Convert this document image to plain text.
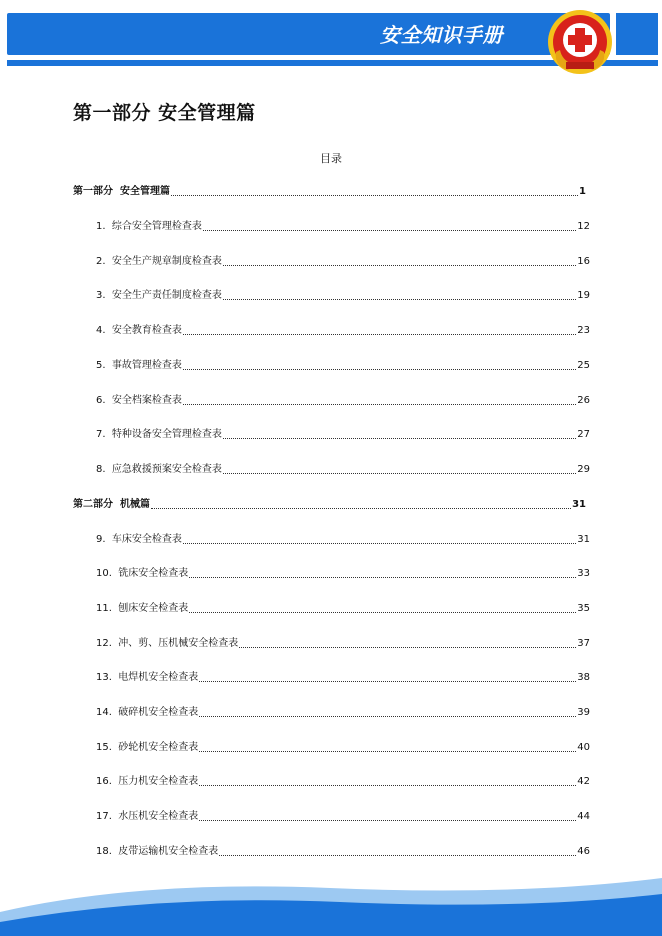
安全知识手册
第一部分 安全管理篇
目录
第一部分  安全管理篇	1
1.  综合安全管理检查表	12
2.  安全生产规章制度检查表	16
3.  安全生产责任制度检查表	19
4.  安全教育检查表	23
5.  事故管理检查表	25
6.  安全档案检查表	26
7.  特种设备安全管理检查表	27
8.  应急救援预案安全检查表	29
第二部分  机械篇	31
9.  车床安全检查表	31
10.  铣床安全检查表	33
11.  刨床安全检查表	35
12.  冲、剪、压机械安全检查表	37
13.  电焊机安全检查表	38
14.  破碎机安全检查表	39
15.  砂轮机安全检查表	40
16.  压力机安全检查表	42
17.  水压机安全检查表	44
18.  皮带运输机安全检查表	46
